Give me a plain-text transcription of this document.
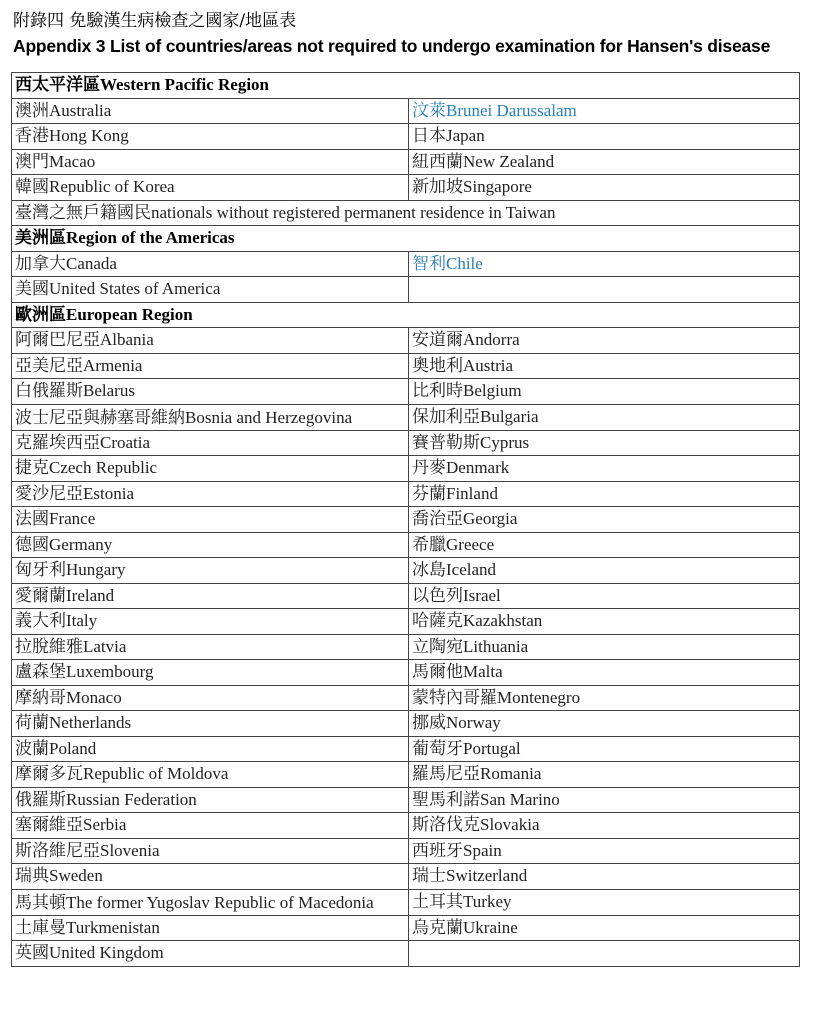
附錄四 免驗漢生病檢查之國家/地區表
Appendix 3 List of countries/areas not required to undergo examination for Hansen's disease
西太平洋區Western Pacific Region	
澳洲Australia	汶萊Brunei Darussalam
香港Hong Kong	日本Japan
澳門Macao	紐西蘭New Zealand
韓國Republic of Korea	新加坡Singapore
臺灣之無戶籍國民nationals without registered permanent residence in Taiwan	
美洲區Region of the Americas	
加拿大Canada	智利Chile
美國United States of America	
歐洲區European Region	
阿爾巴尼亞Albania	安道爾Andorra
亞美尼亞Armenia	奧地利Austria
白俄羅斯Belarus	比利時Belgium
波士尼亞與赫塞哥維納Bosnia and Herzegovina	保加利亞Bulgaria
克羅埃西亞Croatia	賽普勒斯Cyprus
捷克Czech Republic	丹麥Denmark
愛沙尼亞Estonia	芬蘭Finland
法國France	喬治亞Georgia
德國Germany	希臘Greece
匈牙利Hungary	冰島Iceland
愛爾蘭Ireland	以色列Israel
義大利Italy	哈薩克Kazakhstan
拉脫維雅Latvia	立陶宛Lithuania
盧森堡Luxembourg	馬爾他Malta
摩納哥Monaco	蒙特內哥羅Montenegro
荷蘭Netherlands	挪威Norway
波蘭Poland	葡萄牙Portugal
摩爾多瓦Republic of Moldova	羅馬尼亞Romania
俄羅斯Russian Federation	聖馬利諾San Marino
塞爾維亞Serbia	斯洛伐克Slovakia
斯洛維尼亞Slovenia	西班牙Spain
瑞典Sweden	瑞士Switzerland
馬其頓The former Yugoslav Republic of Macedonia	土耳其Turkey
土庫曼Turkmenistan	烏克蘭Ukraine
英國United Kingdom	
